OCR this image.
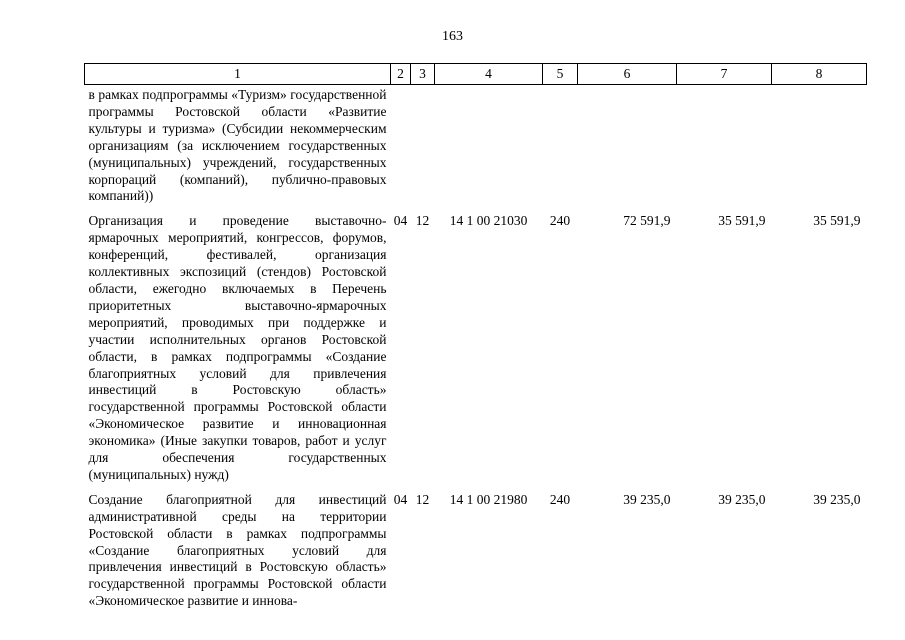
163
1	2	3	4	5	6	7	8
в рамках подпрограммы «Туризм» государственной программы Ростовской области «Развитие культуры и туризма» (Субсидии некоммерческим организациям (за исключением государственных (муниципальных) учреждений, государственных корпораций (компаний), публично-правовых компаний))							

Организация и проведение выставочно-ярмарочных мероприятий, конгрессов, форумов, конференций, фестивалей, организация коллективных экспозиций (стендов) Ростовской области, ежегодно включаемых в Перечень приоритетных выставочно-ярмарочных мероприятий, проводимых при поддержке и участии исполнительных органов Ростовской области, в рамках подпрограммы «Создание благоприятных условий для привлечения инвестиций в Ростовскую область» государственной программы Ростовской области «Экономическое развитие и инновационная экономика» (Иные закупки товаров, работ и услуг для обеспечения государственных (муниципальных) нужд)	04	12	14 1 00 21030	240	72 591,9	35 591,9	35 591,9

Создание благоприятной для инвестиций административной среды на территории Ростовской области в рамках подпрограммы «Создание благоприятных условий для привлечения инвестиций в Ростовскую область» государственной программы Ростовской области «Экономическое развитие и иннова-	04	12	14 1 00 21980	240	39 235,0	39 235,0	39 235,0
